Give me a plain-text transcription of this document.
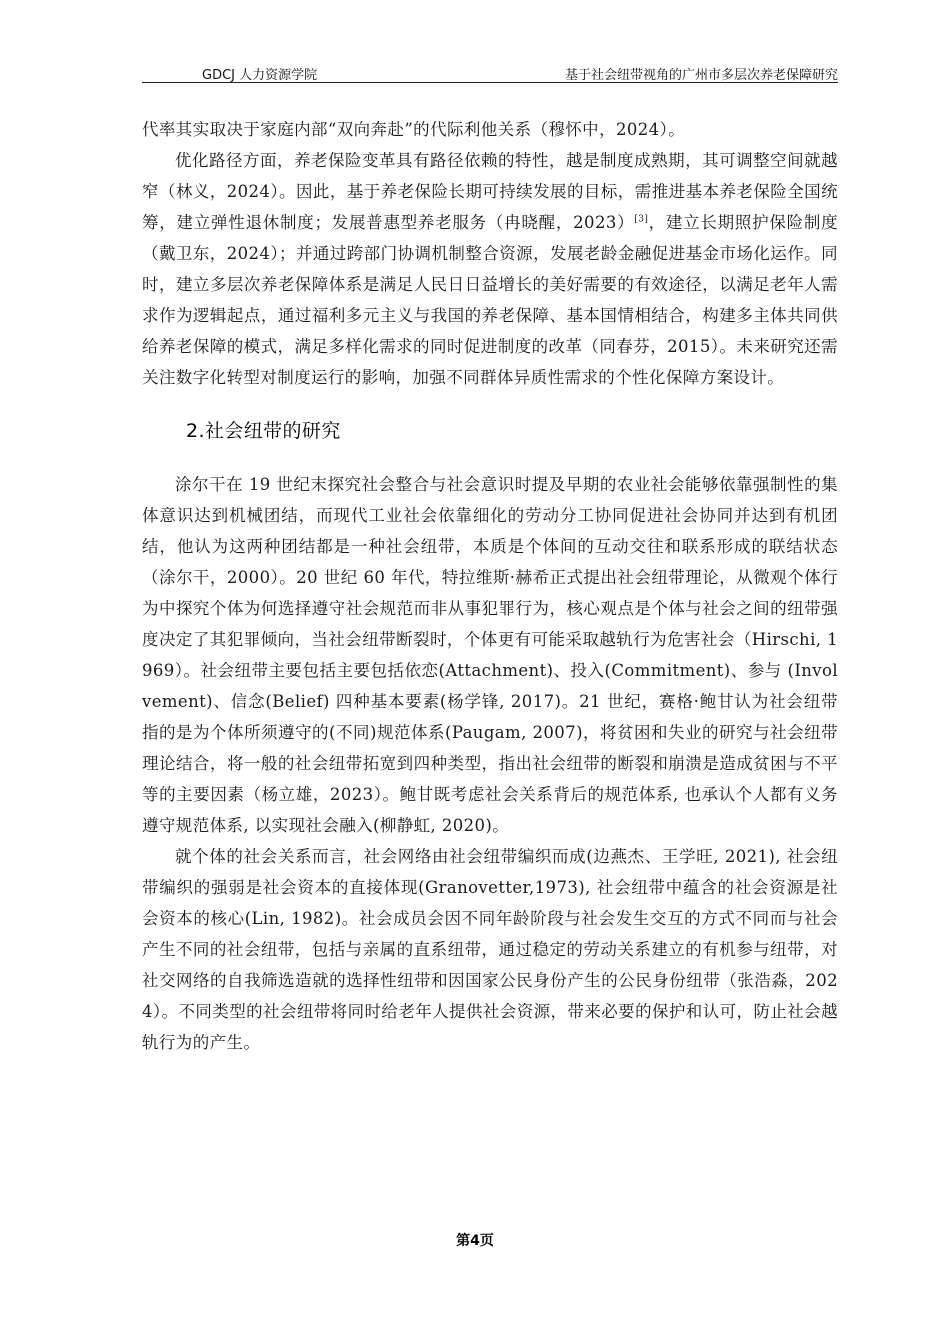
GDCJ 人力资源学院	基于社会纽带视角的广州市多层次养老保障研究

代率其实取决于家庭内部“双向奔赴”的代际利他关系（穆怀中，2024）。

优化路径方面，养老保险变革具有路径依赖的特性，越是制度成熟期，其可调整空间就越窄（林义，2024）。因此，基于养老保险长期可持续发展的目标，需推进基本养老保险全国统筹，建立弹性退休制度；发展普惠型养老服务（冉晓醒，2023）[3]，建立长期照护保险制度（戴卫东，2024）；并通过跨部门协调机制整合资源，发展老龄金融促进基金市场化运作。同时，建立多层次养老保障体系是满足人民日日益增长的美好需要的有效途径，以满足老年人需求作为逻辑起点，通过福利多元主义与我国的养老保障、基本国情相结合，构建多主体共同供给养老保障的模式，满足多样化需求的同时促进制度的改革（同春芬，2015）。未来研究还需关注数字化转型对制度运行的影响，加强不同群体异质性需求的个性化保障方案设计。

2.社会纽带的研究

涂尔干在 19 世纪末探究社会整合与社会意识时提及早期的农业社会能够依靠强制性的集体意识达到机械团结，而现代工业社会依靠细化的劳动分工协同促进社会协同并达到有机团结，他认为这两种团结都是一种社会纽带，本质是个体间的互动交往和联系形成的联结状态（涂尔干，2000）。20 世纪 60 年代，特拉维斯·赫希正式提出社会纽带理论，从微观个体行为中探究个体为何选择遵守社会规范而非从事犯罪行为，核心观点是个体与社会之间的纽带强度决定了其犯罪倾向，当社会纽带断裂时，个体更有可能采取越轨行为危害社会（Hirschi, 1969）。社会纽带主要包括主要包括依恋(Attachment)、投入(Commitment)、参与 (Involvement)、信念(Belief) 四种基本要素(杨学锋, 2017)。21 世纪，赛格·鲍甘认为社会纽带指的是为个体所须遵守的(不同)规范体系(Paugam, 2007)，将贫困和失业的研究与社会纽带理论结合，将一般的社会纽带拓宽到四种类型，指出社会纽带的断裂和崩溃是造成贫困与不平等的主要因素（杨立雄，2023）。鲍甘既考虑社会关系背后的规范体系, 也承认个人都有义务遵守规范体系, 以实现社会融入(柳静虹, 2020)。

就个体的社会关系而言，社会网络由社会纽带编织而成(边燕杰、王学旺, 2021), 社会纽带编织的强弱是社会资本的直接体现(Granovetter,1973), 社会纽带中蕴含的社会资源是社会资本的核心(Lin, 1982)。社会成员会因不同年龄阶段与社会发生交互的方式不同而与社会产生不同的社会纽带，包括与亲属的直系纽带，通过稳定的劳动关系建立的有机参与纽带，对社交网络的自我筛选造就的选择性纽带和因国家公民身份产生的公民身份纽带（张浩淼，2024）。不同类型的社会纽带将同时给老年人提供社会资源，带来必要的保护和认可，防止社会越轨行为的产生。

第4页
